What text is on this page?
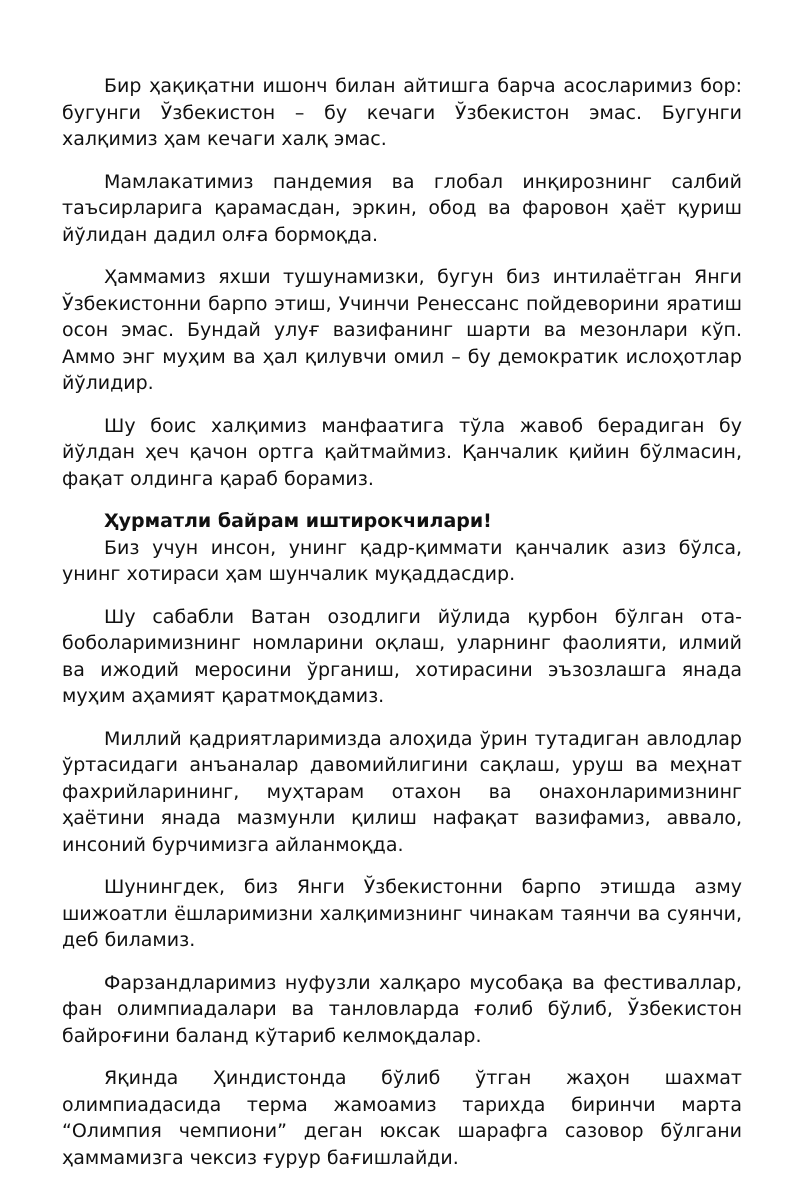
Бир ҳақиқатни ишонч билан айтишга барча асосларимиз бор: бугунги Ўзбекистон – бу кечаги Ўзбекистон эмас. Бугунги халқимиз ҳам кечаги халқ эмас.

Мамлакатимиз пандемия ва глобал инқирознинг салбий таъсирларига қарамасдан, эркин, обод ва фаровон ҳаёт қуриш йўлидан дадил олға бормоқда.

Ҳаммамиз яхши тушунамизки, бугун биз интилаётган Янги Ўзбекистонни барпо этиш, Учинчи Ренессанс пойдеворини яратиш осон эмас. Бундай улуғ вазифанинг шарти ва мезонлари кўп. Аммо энг муҳим ва ҳал қилувчи омил – бу демократик ислоҳотлар йўлидир.

Шу боис халқимиз манфаатига тўла жавоб берадиган бу йўлдан ҳеч қачон ортга қайтмаймиз. Қанчалик қийин бўлмасин, фақат олдинга қараб борамиз.

Ҳурматли байрам иштирокчилари!

Биз учун инсон, унинг қадр-қиммати қанчалик азиз бўлса, унинг хотираси ҳам шунчалик муқаддасдир.

Шу сабабли Ватан озодлиги йўлида қурбон бўлган ота-боболаримизнинг номларини оқлаш, уларнинг фаолияти, илмий ва ижодий меросини ўрганиш, хотирасини эъзозлашга янада муҳим аҳамият қаратмоқдамиз.

Миллий қадриятларимизда алоҳида ўрин тутадиган авлодлар ўртасидаги анъаналар давомийлигини сақлаш, уруш ва меҳнат фахрийларининг, муҳтарам отахон ва онахонларимизнинг ҳаётини янада мазмунли қилиш нафақат вазифамиз, аввало, инсоний бурчимизга айланмоқда.

Шунингдек, биз Янги Ўзбекистонни барпо этишда азму шижоатли ёшларимизни халқимизнинг чинакам таянчи ва суянчи, деб биламиз.

Фарзандларимиз нуфузли халқаро мусобақа ва фестиваллар, фан олимпиадалари ва танловларда ғолиб бўлиб, Ўзбекистон байроғини баланд кўтариб келмоқдалар.

Яқинда Ҳиндистонда бўлиб ўтган жаҳон шахмат олимпиадасида терма жамоамиз тарихда биринчи марта “Олимпия чемпиони” деган юксак шарафга сазовор бўлгани ҳаммамизга чексиз ғурур бағишлайди.
